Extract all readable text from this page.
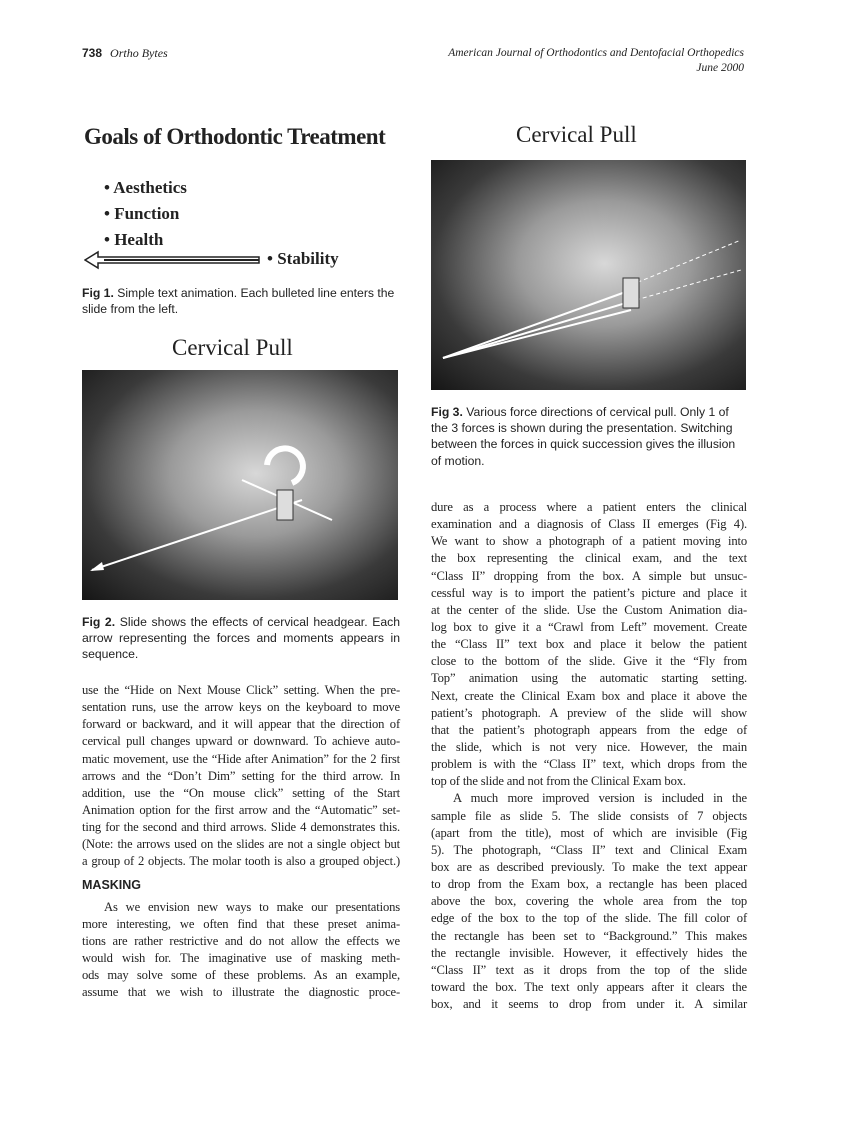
738 Ortho Bytes	American Journal of Orthodontics and Dentofacial Orthopedics
June 2000
Goals of Orthodontic Treatment
• Aesthetics
• Function
• Health
• Stability
Fig 1. Simple text animation. Each bulleted line enters the slide from the left.
Cervical Pull
Fig 2. Slide shows the effects of cervical headgear. Each arrow representing the forces and moments appears in sequence.
Cervical Pull
Fig 3. Various force directions of cervical pull. Only 1 of the 3 forces is shown during the presentation. Switching between the forces in quick succession gives the illusion of motion.
use the “Hide on Next Mouse Click” setting. When the pre-
sentation runs, use the arrow keys on the keyboard to move
forward or backward, and it will appear that the direction of
cervical pull changes upward or downward. To achieve auto-
matic movement, use the “Hide after Animation” for the 2 first
arrows and the “Don’t Dim” setting for the third arrow. In
addition, use the “On mouse click” setting of the Start
Animation option for the first arrow and the “Automatic” set-
ting for the second and third arrows. Slide 4 demonstrates this.
(Note: the arrows used on the slides are not a single object but
a group of 2 objects. The molar tooth is also a grouped object.)
MASKING
As we envision new ways to make our presentations
more interesting, we often find that these preset anima-
tions are rather restrictive and do not allow the effects we
would wish for. The imaginative use of masking meth-
ods may solve some of these problems. As an example,
assume that we wish to illustrate the diagnostic proce-
dure as a process where a patient enters the clinical
examination and a diagnosis of Class II emerges (Fig 4).
We want to show a photograph of a patient moving into
the box representing the clinical exam, and the text
“Class II” dropping from the box. A simple but unsuc-
cessful way is to import the patient’s picture and place it
at the center of the slide. Use the Custom Animation dia-
log box to give it a “Crawl from Left” movement. Create
the “Class II” text box and place it below the patient
close to the bottom of the slide. Give it the “Fly from
Top” animation using the automatic starting setting.
Next, create the Clinical Exam box and place it above the
patient’s photograph. A preview of the slide will show
that the patient’s photograph appears from the edge of
the slide, which is not very nice. However, the main
problem is with the “Class II” text, which drops from the
top of the slide and not from the Clinical Exam box.
A much more improved version is included in the
sample file as slide 5. The slide consists of 7 objects
(apart from the title), most of which are invisible (Fig
5). The photograph, “Class II” text and Clinical Exam
box are as described previously. To make the text appear
to drop from the Exam box, a rectangle has been placed
above the box, covering the whole area from the top
edge of the box to the top of the slide. The fill color of
the rectangle has been set to “Background.” This makes
the rectangle invisible. However, it effectively hides the
“Class II” text as it drops from the top of the slide
toward the box. The text only appears after it clears the
box, and it seems to drop from under it. A similar
